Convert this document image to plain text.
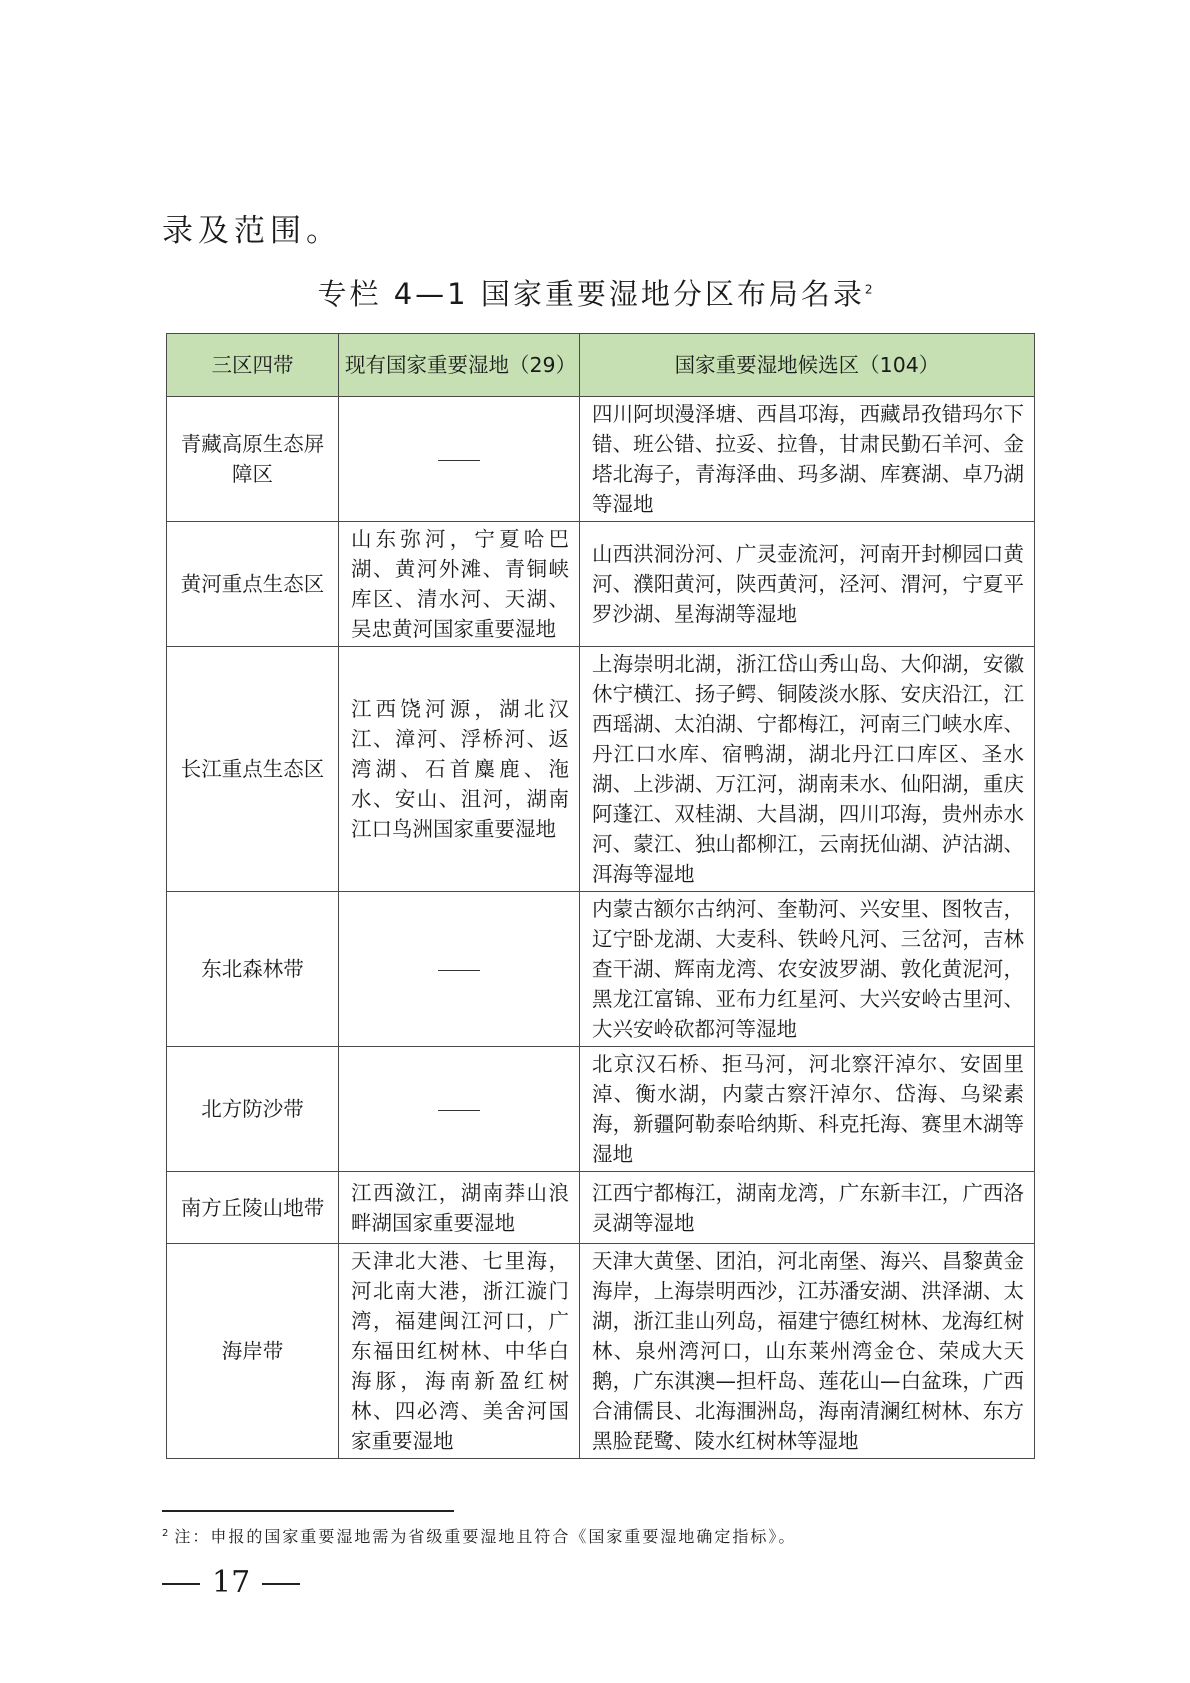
录及范围。
专栏 4—1 国家重要湿地分区布局名录$^2$
三区四带	现有国家重要湿地（29）	国家重要湿地候选区（104）
青藏高原生态屏障区		四川阿坝漫泽塘、西昌邛海，西藏昂孜错玛尔下错、班公错、拉妥、拉鲁，甘肃民勤石羊河、金塔北海子，青海泽曲、玛多湖、库赛湖、卓乃湖等湿地
黄河重点生态区	山东弥河，宁夏哈巴湖、黄河外滩、青铜峡库区、清水河、天湖、吴忠黄河国家重要湿地	山西洪洞汾河、广灵壶流河，河南开封柳园口黄河、濮阳黄河，陕西黄河，泾河、渭河，宁夏平罗沙湖、星海湖等湿地
长江重点生态区	江西饶河源，湖北汉江、漳河、浮桥河、返湾湖、石首麋鹿、沲水、安山、沮河，湖南江口鸟洲国家重要湿地	上海崇明北湖，浙江岱山秀山岛、大仰湖，安徽休宁横江、扬子鳄、铜陵淡水豚、安庆沿江，江西瑶湖、太泊湖、宁都梅江，河南三门峡水库、丹江口水库、宿鸭湖，湖北丹江口库区、圣水湖、上涉湖、万江河，湖南耒水、仙阳湖，重庆阿蓬江、双桂湖、大昌湖，四川邛海，贵州赤水河、蒙江、独山都柳江，云南抚仙湖、泸沽湖、洱海等湿地
东北森林带		内蒙古额尔古纳河、奎勒河、兴安里、图牧吉，辽宁卧龙湖、大麦科、铁岭凡河、三岔河，吉林查干湖、辉南龙湾、农安波罗湖、敦化黄泥河，黑龙江富锦、亚布力红星河、大兴安岭古里河、大兴安岭砍都河等湿地
北方防沙带		北京汉石桥、拒马河，河北察汗淖尔、安固里淖、衡水湖，内蒙古察汗淖尔、岱海、乌梁素海，新疆阿勒泰哈纳斯、科克托海、赛里木湖等湿地
南方丘陵山地带	江西潋江，湖南莽山浪畔湖国家重要湿地	江西宁都梅江，湖南龙湾，广东新丰江，广西洛灵湖等湿地
海岸带	天津北大港、七里海，河北南大港，浙江漩门湾，福建闽江河口，广东福田红树林、中华白海豚，海南新盈红树林、四必湾、美舍河国家重要湿地	天津大黄堡、团泊，河北南堡、海兴、昌黎黄金海岸，上海崇明西沙，江苏潘安湖、洪泽湖、太湖，浙江韭山列岛，福建宁德红树林、龙海红树林、泉州湾河口，山东莱州湾金仓、荣成大天鹅，广东淇澳—担杆岛、莲花山—白盆珠，广西合浦儒艮、北海涠洲岛，海南清澜红树林、东方黑脸琵鹭、陵水红树林等湿地
$^2$ 注：申报的国家重要湿地需为省级重要湿地且符合《国家重要湿地确定指标》。
17
